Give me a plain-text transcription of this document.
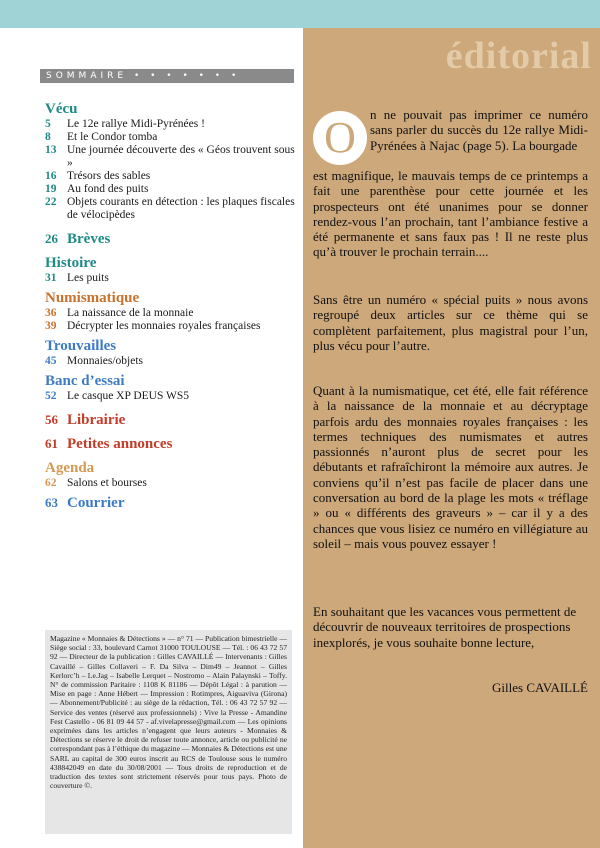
SOMMAIRE • • • • • • •
Vécu
5	Le 12e rallye Midi-Pyrénées !
8	Et le Condor tomba
13 Une journée découverte des « Géos trouvent sous »
16 Trésors des sables
19 Au fond des puits
22 Objets courants en détection : les plaques fiscales de vélocipèdes
26 Brèves
Histoire
31 Les puits
Numismatique
36 La naissance de la monnaie
39 Décrypter les monnaies royales françaises
Trouvailles
45 Monnaies/objets
Banc d’essai
52 Le casque XP DEUS WS5
56 Librairie
61 Petites annonces
Agenda
62 Salons et bourses
63 Courrier
Magazine « Monnaies & Détections » — n° 71 — Publication bimestrielle — Siège social : 33, boulevard Carnot 31000 TOULOUSE — Tél. : 06 43 72 57 92 — Directeur de la publication : Gilles CAVAILLÉ — Intervenants : Gilles Cavaillé – Gilles Collaveri – F. Da Silva – Dim49 – Jeannot – Gilles Kerlorc’h – Le.Jag – Isabelle Lerquet – Nostromo – Alain Palaynski – Toffy. N° de commission Paritaire : 1108 K 81186 — Dépôt Légal : à parution — Mise en page : Anne Hébert — Impression : Rotimpres, Aiguaviva (Girona) — Abonnement/Publicité : au siège de la rédaction, Tél. : 06 43 72 57 92 — Service des ventes (réservé aux professionnels) : Vive la Presse - Amandine Fest Castello - 06 81 09 44 57 - af.vivelapresse@gmail.com — Les opinions exprimées dans les articles n’engagent que leurs auteurs - Monnaies & Détections se réserve le droit de refuser toute annonce, article ou publicité ne correspondant pas à l’éthique du magazine — Monnaies & Détections est une SARL au capital de 300 euros inscrit au RCS de Toulouse sous le numéro 438842049 en date du 30/08/2001 — Tous droits de reproduction et de traduction des textes sont strictement réservés pour tous pays. Photo de couverture ©.
éditorial
O n ne pouvait pas imprimer ce numéro sans parler du succès du 12e rallye Midi-Pyrénées à Najac (page 5). La bourgade
est magnifique, le mauvais temps de ce printemps a fait une parenthèse pour cette journée et les prospecteurs ont été unanimes pour se donner rendez-vous l’an prochain, tant l’ambiance festive a été permanente et sans faux pas ! Il ne reste plus qu’à trouver le prochain terrain....
Sans être un numéro « spécial puits » nous avons regroupé deux articles sur ce thème qui se complètent parfaitement, plus magistral pour l’un, plus vécu pour l’autre.
Quant à la numismatique, cet été, elle fait référence à la naissance de la monnaie et au décryptage parfois ardu des monnaies royales françaises : les termes techniques des numismates et autres passionnés n’auront plus de secret pour les débutants et rafraîchiront la mémoire aux autres. Je conviens qu’il n’est pas facile de placer dans une conversation au bord de la plage les mots « tréflage » ou « différents des graveurs » – car il y a des chances que vous lisiez ce numéro en villégiature au soleil – mais vous pouvez essayer !
En souhaitant que les vacances vous permettent de découvrir de nouveaux territoires de prospections inexplorés, je vous souhaite bonne lecture,
Gilles CAVAILLÉ
